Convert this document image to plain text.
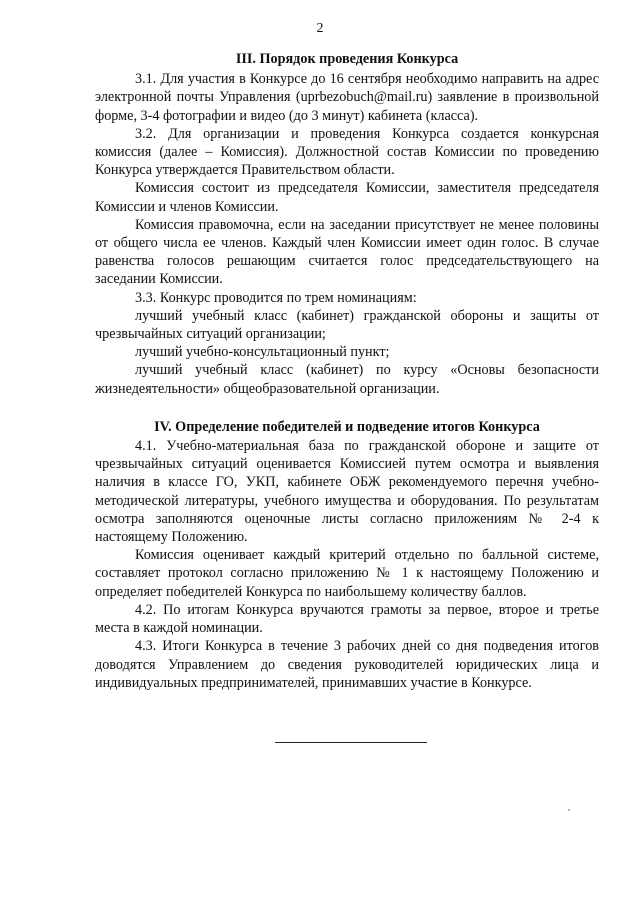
2
III. Порядок проведения Конкурса

3.1. Для участия в Конкурсе до 16 сентября необходимо направить на адрес электронной почты Управления (uprbezobuch@mail.ru) заявление в произвольной форме, 3-4 фотографии и видео (до 3 минут) кабинета (класса).

3.2. Для организации и проведения Конкурса создается конкурсная комиссия (далее – Комиссия). Должностной состав Комиссии по проведению Конкурса утверждается Правительством области.

Комиссия состоит из председателя Комиссии, заместителя председателя Комиссии и членов Комиссии.

Комиссия правомочна, если на заседании присутствует не менее половины от общего числа ее членов. Каждый член Комиссии имеет один голос. В случае равенства голосов решающим считается голос председательствующего на заседании Комиссии.

3.3. Конкурс проводится по трем номинациям:

лучший учебный класс (кабинет) гражданской обороны и защиты от чрезвычайных ситуаций организации;

лучший учебно-консультационный пункт;

лучший учебный класс (кабинет) по курсу «Основы безопасности жизнедеятельности» общеобразовательной организации.

IV. Определение победителей и подведение итогов Конкурса

4.1. Учебно-материальная база по гражданской обороне и защите от чрезвычайных ситуаций оценивается Комиссией путем осмотра и выявления наличия в классе ГО, УКП, кабинете ОБЖ рекомендуемого перечня учебно-методической литературы, учебного имущества и оборудования. По результатам осмотра заполняются оценочные листы согласно приложениям № 2-4 к настоящему Положению.

Комиссия оценивает каждый критерий отдельно по балльной системе, составляет протокол согласно приложению № 1 к настоящему Положению и определяет победителей Конкурса по наибольшему количеству баллов.

4.2. По итогам Конкурса вручаются грамоты за первое, второе и третье места в каждой номинации.

4.3. Итоги Конкурса в течение 3 рабочих дней со дня подведения итогов доводятся Управлением до сведения руководителей юридических лица и индивидуальных предпринимателей, принимавших участие в Конкурсе.
